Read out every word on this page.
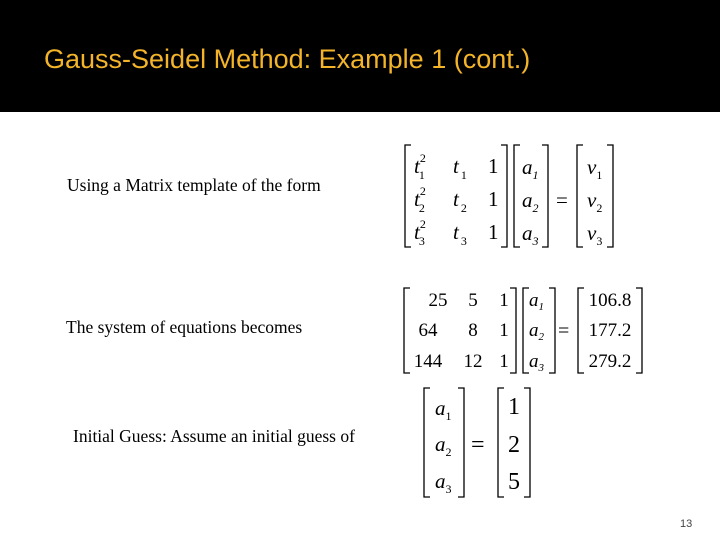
Gauss-Seidel Method: Example 1 (cont.)
Using a Matrix template of the form
The system of equations becomes
Initial Guess: Assume an initial guess of
$t^2$ 1
$t^2$ 2
$t^2$ 3
t $_1$
t $_2$
t $_3$
1
1
1
$a_1$
$a_2$
$a_3$
=
$v_1$
$v_2$
$v_3$
25 5 1
64 8 1
144 12 1
$a_1$
$a_2$
$a_3$
=
106.8
177.2
279.2
$a_1$
$a_2$
$a_3$
=
1
2
5
13
